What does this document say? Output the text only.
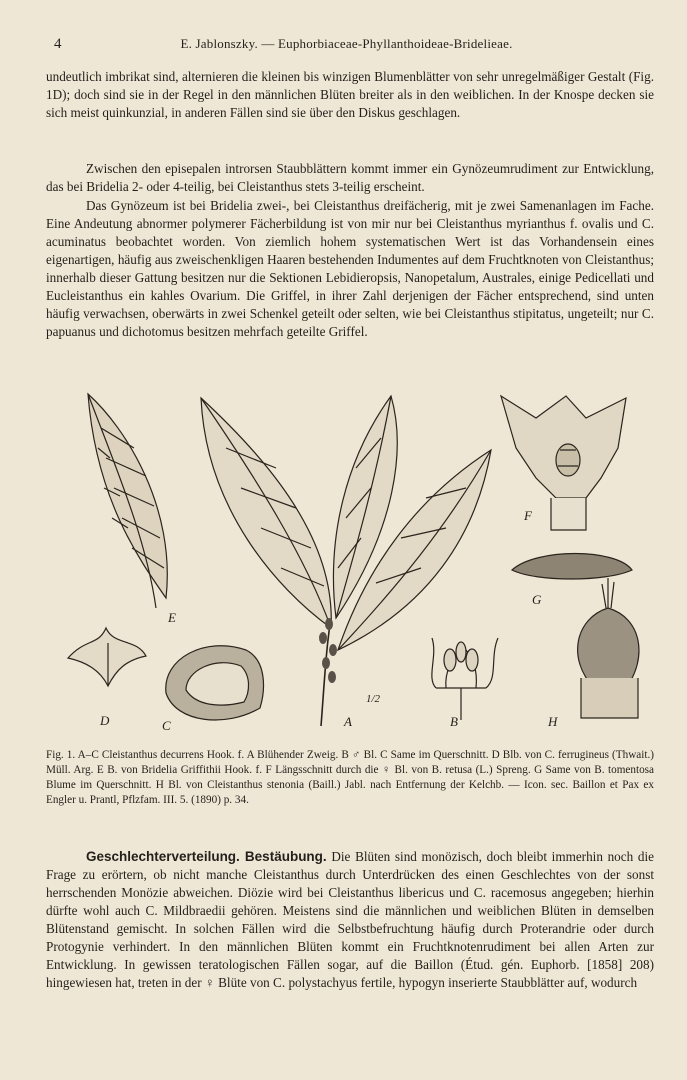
4	E. Jablonszky. — Euphorbiaceae-Phyllanthoideae-Bridelieae.

undeutlich imbrikat sind, alternieren die kleinen bis winzigen Blumenblätter von sehr unregelmäßiger Gestalt (Fig. 1D); doch sind sie in der Regel in den männlichen Blüten breiter als in den weiblichen. In der Knospe decken sie sich meist quinkunzial, in anderen Fällen sind sie über den Diskus geschlagen.

Zwischen den episepalen introrsen Staubblättern kommt immer ein Gynözeumrudiment zur Entwicklung, das bei Bridelia 2- oder 4-teilig, bei Cleistanthus stets 3-teilig erscheint.

Das Gynözeum ist bei Bridelia zwei-, bei Cleistanthus dreifächerig, mit je zwei Samenanlagen im Fache. Eine Andeutung abnormer polymerer Fächerbildung ist von mir nur bei Cleistanthus myrianthus f. ovalis und C. acuminatus beobachtet worden. Von ziemlich hohem systematischen Wert ist das Vorhandensein eines eigenartigen, häufig aus zweischenkligen Haaren bestehenden Indumentes auf dem Fruchtknoten von Cleistanthus; innerhalb dieser Gattung besitzen nur die Sektionen Lebidieropsis, Nanopetalum, Australes, einige Pedicellati und Eucleistanthus ein kahles Ovarium. Die Griffel, in ihrer Zahl derjenigen der Fächer entsprechend, sind unten häufig verwachsen, oberwärts in zwei Schenkel geteilt oder selten, wie bei Cleistanthus stipitatus, ungeteilt; nur C. papuanus und dichotomus besitzen mehrfach geteilte Griffel.

E
D	C	A
1/2
B	H
F
G
Fig. 1. A–C Cleistanthus decurrens Hook. f. A Blühender Zweig. B ♂ Bl. C Same im Querschnitt. D Blb. von C. ferrugineus (Thwait.) Müll. Arg. E B. von Bridelia Griffithii Hook. f. F Längsschnitt durch die ♀ Bl. von B. retusa (L.) Spreng. G Same von B. tomentosa Blume im Querschnitt. H Bl. von Cleistanthus stenonia (Baill.) Jabl. nach Entfernung der Kelchb. — Icon. sec. Baillon et Pax ex Engler u. Prantl, Pflzfam. III. 5. (1890) p. 34.

Geschlechterverteilung. Bestäubung. Die Blüten sind monözisch, doch bleibt immerhin noch die Frage zu erörtern, ob nicht manche Cleistanthus durch Unterdrücken des einen Geschlechtes von der sonst herrschenden Monözie abweichen. Diözie wird bei Cleistanthus libericus und C. racemosus angegeben; hierhin dürfte wohl auch C. Mildbraedii gehören. Meistens sind die männlichen und weiblichen Blüten in demselben Blütenstand gemischt. In solchen Fällen wird die Selbstbefruchtung häufig durch Proterandrie oder durch Protogynie verhindert. In den männlichen Blüten kommt ein Fruchtknotenrudiment bei allen Arten zur Entwicklung. In gewissen teratologischen Fällen sogar, auf die Baillon (Étud. gén. Euphorb. [1858] 208) hingewiesen hat, treten in der ♀ Blüte von C. polystachyus fertile, hypogyn inserierte Staubblätter auf, wodurch
